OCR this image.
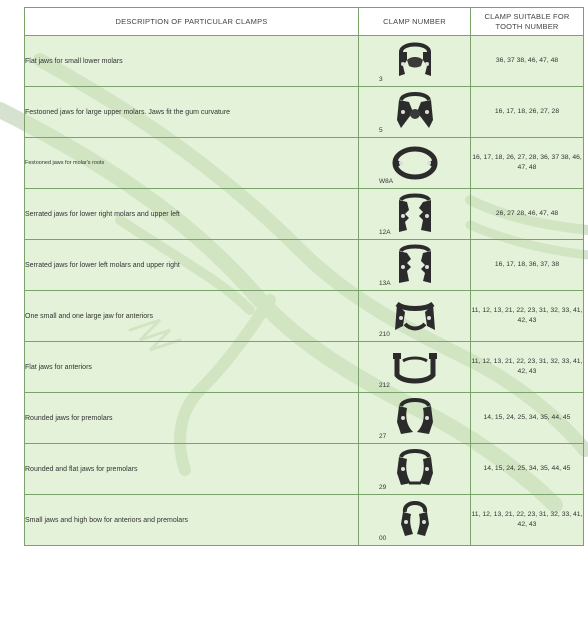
DESCRIPTION OF PARTICULAR CLAMPS	CLAMP NUMBER	CLAMP SUITABLE FOR
TOOTH NUMBER
Flat jaws for small lower molars	3	36, 37 38, 46, 47, 48
Festooned jaws for large upper molars. Jaws fit the gum curvature	5	16, 17, 18, 26, 27, 28
Festooned jaws for molar's roots	W8A	16, 17, 18, 26, 27, 28, 36, 37 38, 46, 47, 48
Serrated jaws for lower right molars and upper left	12A	26, 27 28, 46, 47, 48
Serrated jaws for lower left molars and upper right	13A	16, 17, 18, 36, 37, 38
One small and one large jaw for anteriors	210	11, 12, 13, 21, 22, 23, 31, 32, 33, 41, 42, 43
Flat jaws for anteriors	212	11, 12, 13, 21, 22, 23, 31, 32, 33, 41, 42, 43
Rounded jaws for premolars	27	14, 15, 24, 25, 34, 35, 44, 45
Rounded and flat jaws for premolars	29	14, 15, 24, 25, 34, 35, 44, 45
Small jaws and high bow for anteriors and premolars	00	11, 12, 13, 21, 22, 23, 31, 32, 33, 41, 42, 43
